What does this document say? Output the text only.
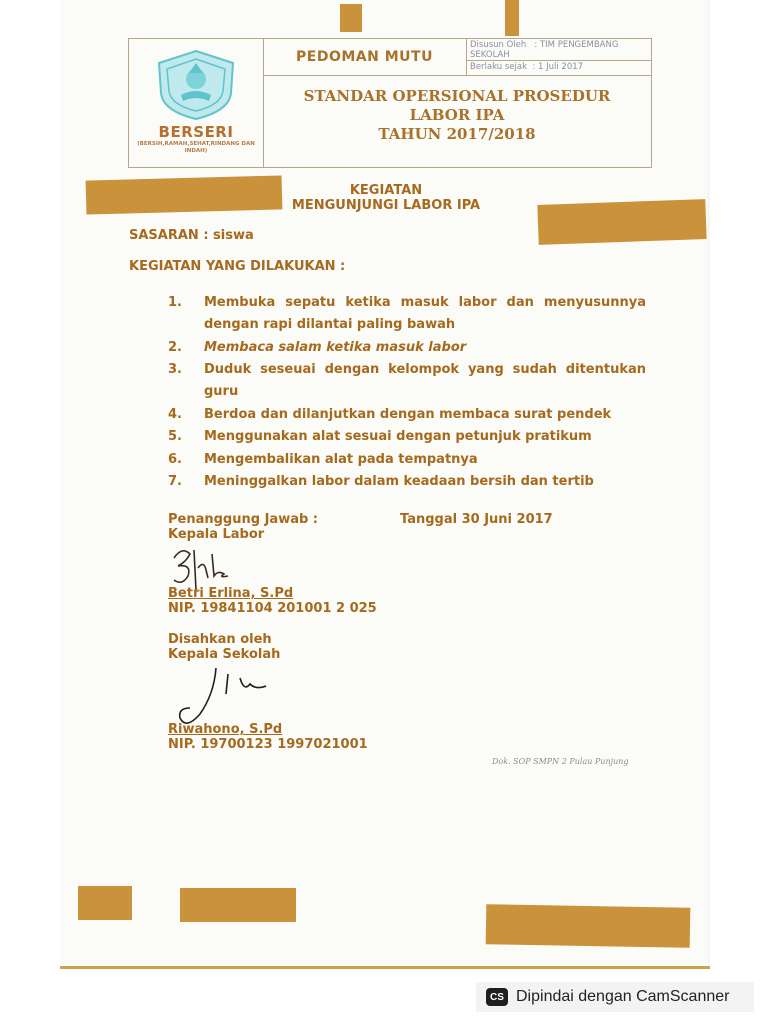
BERSERI
(BERSIH,RAMAH,SEHAT,RINDANG DAN INDAH)
PEDOMAN MUTU
Disusun Oleh : TIM PENGEMBANG SEKOLAH
Berlaku sejak : 1 Juli 2017
STANDAR OPERSIONAL PROSEDUR
LABOR IPA
TAHUN 2017/2018
KEGIATAN
MENGUNJUNGI LABOR IPA
SASARAN : siswa
KEGIATAN YANG DILAKUKAN :
1. Membuka sepatu ketika masuk labor dan menyusunnya dengan rapi dilantai paling bawah
2. Membaca salam ketika masuk labor
3. Duduk seseuai dengan kelompok yang sudah ditentukan guru
4. Berdoa dan dilanjutkan dengan membaca surat pendek
5. Menggunakan alat sesuai dengan petunjuk pratikum
6. Mengembalikan alat pada tempatnya
7. Meninggalkan labor dalam keadaan bersih dan tertib
Penanggung Jawab :	Tanggal 30 Juni 2017
Kepala Labor
Betri Erlina, S.Pd
NIP. 19841104 201001 2 025
Disahkan oleh
Kepala Sekolah
Riwahono, S.Pd
NIP. 19700123 1997021001
Dok. SOP SMPN 2 Pulau Punjung
CS Dipindai dengan CamScanner
